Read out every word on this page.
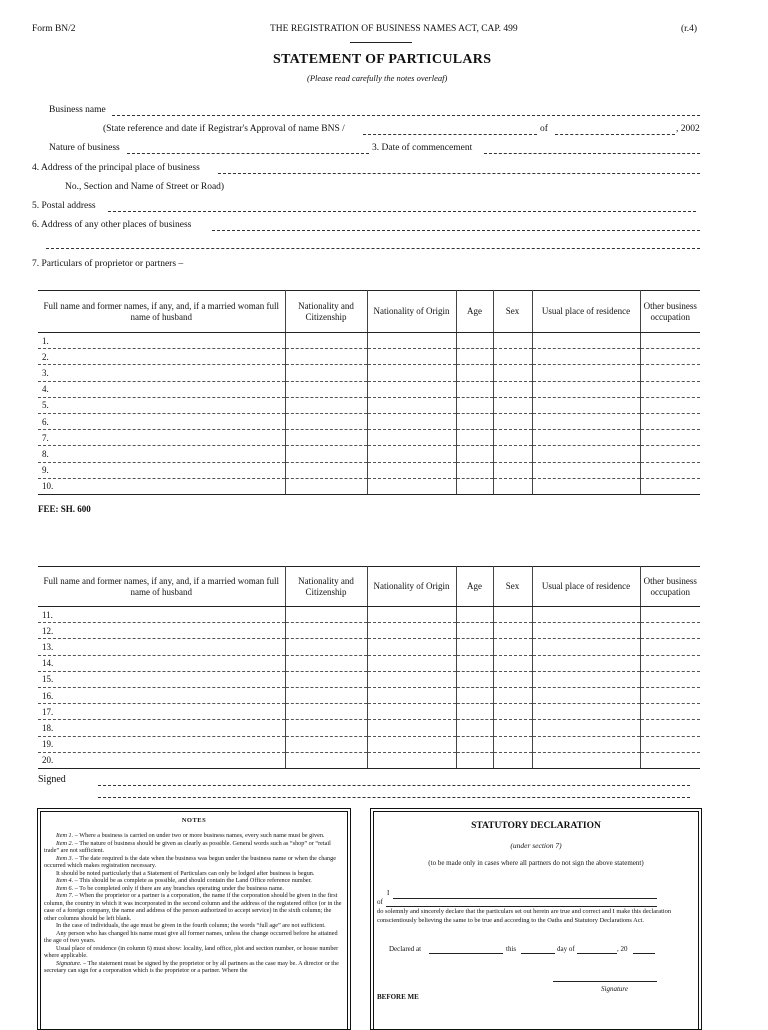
Form BN/2	THE REGISTRATION OF BUSINESS NAMES ACT, CAP. 499	(r.4)
STATEMENT OF PARTICULARS
(Please read carefully the notes overleaf)
Business name
(State reference and date if Registrar's Approval of name BNS /	of	, 2002
Nature of business	3. Date of commencement
4. Address of the principal place of business
No., Section and Name of Street or Road)
5. Postal address
6. Address of any other places of business
7. Particulars of proprietor or partners –
Full name and former names, if any, and, if a married woman full name of husband	Nationality and Citizenship	Nationality of Origin	Age	Sex	Usual place of residence	Other business occupation
1.						
2.						
3.						
4.						
5.						
6.						
7.						
8.						
9.						
10.						
FEE: SH. 600
Full name and former names, if any, and, if a married woman full name of husband	Nationality and Citizenship	Nationality of Origin	Age	Sex	Usual place of residence	Other business occupation
11.						
12.						
13.						
14.						
15.						
16.						
17.						
18.						
19.						
20.						
Signed
NOTES

Item 1. – Where a business is carried on under two or more business names, every such name must be given.

Item 2. – The nature of business should be given as clearly as possible. General words such as “shop” or “retail trade” are not sufficient.

Item 3. – The date required is the date when the business was begun under the business name or when the change occurred which makes registration necessary.

It should be noted particularly that a Statement of Particulars can only be lodged after business is begun.

Item 4. – This should be as complete as possible, and should contain the Land Office reference number.

Item 6. – To be completed only if there are any branches operating under the business name.

Item 7. – When the proprietor or a partner is a corporation, the name if the corporation should be given in the first column, the country in which it was incorporated in the second column and the address of the registered office (or in the case of a foreign company, the name and address of the person authorized to accept service) in the sixth column; the other columns should be left blank.

In the case of individuals, the age must be given in the fourth column; the words “full age” are not sufficient.

Any person who has changed his name must give all former names, unless the change occurred before he attained the age of two years.

Usual place of residence (in column 6) must show: locality, land office, plot and section number, or house number where applicable.

Signature. – The statement must be signed by the proprietor or by all partners as the case may be. A director or the secretary can sign for a corporation which is the proprietor or a partner. Where the

STATUTORY DECLARATION
(under section 7)
(to be made only in cases where all partners do not sign the above statement)
I
of
do solemnly and sincerely declare that the particulars set out herein are true and correct and I make this declaration conscientiously believing the same to be true and according to the Oaths and Statutory Declarations Act.
Declared at	this	day of	, 20
Signature
BEFORE ME
